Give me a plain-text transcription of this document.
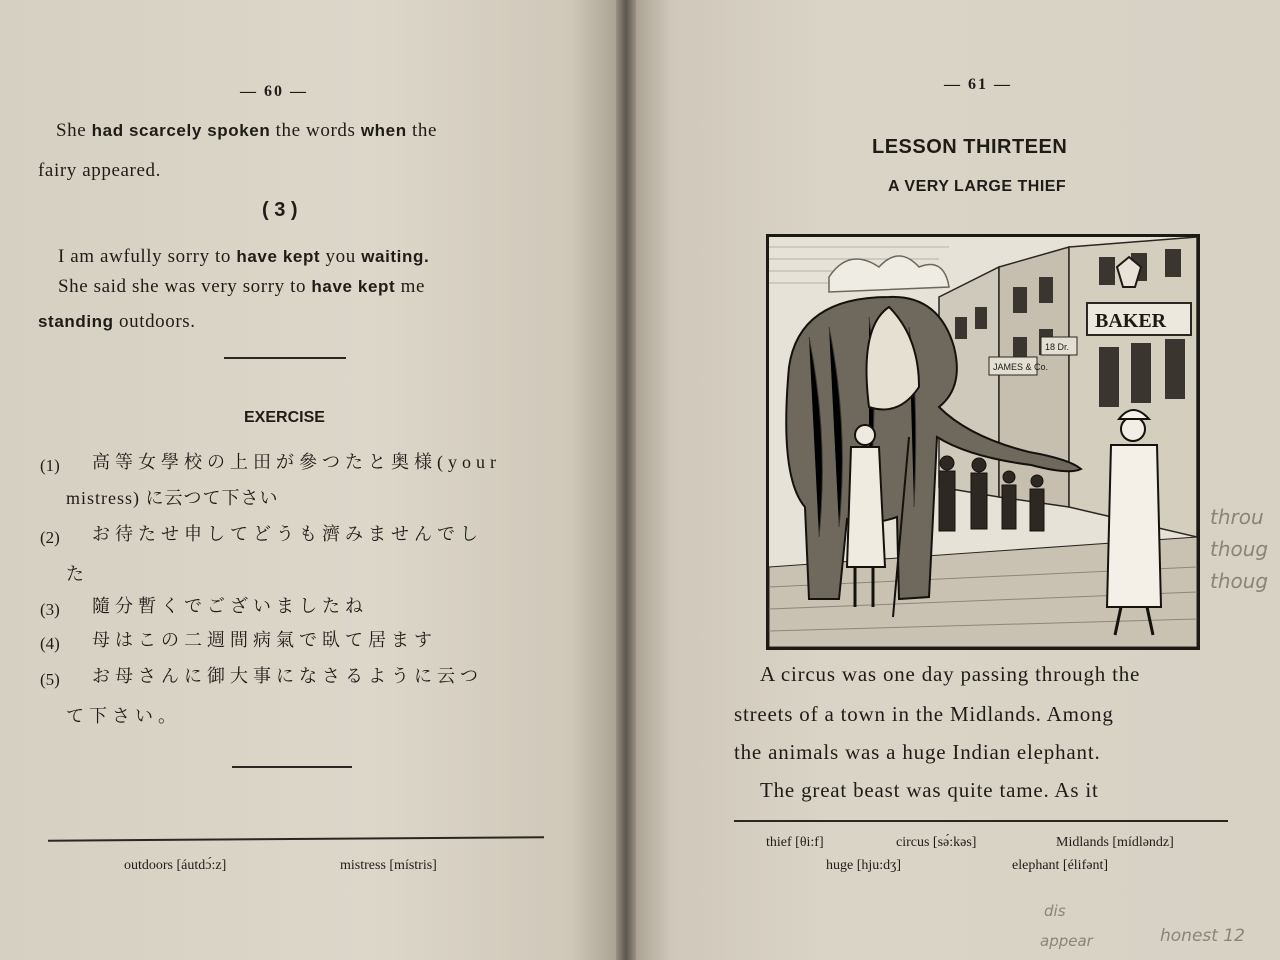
— 60 —
She had scarcely spoken the words when the
fairy appeared.
( 3 )
I am awfully sorry to have kept you waiting.
She said she was very sorry to have kept me
standing outdoors.
EXERCISE
(1) 高等女學校の上田が參つたと奥様(your
mistress) に云つて下さい
(2) お待たせ申してどうも濟みませんでし
た
(3) 隨分暫くでございましたね
(4) 母はこの二週間病氣で臥て居ます
(5) お母さんに御大事になさるように云つ
て下さい。
outdoors [áutdɔ́:z]	mistress [místris]
— 61 —
LESSON THIRTEEN
A VERY LARGE THIEF
JAMES & Co.
18 Dr.
BAKER
A circus was one day passing through the
streets of a town in the Midlands. Among
the animals was a huge Indian elephant.
The great beast was quite tame. As it
thief [θi:f]	circus [sə́:kəs]	Midlands [mídləndz]
huge [hju:dʒ]	elephant [élifənt]
throu
thoug
thoug
dis
appear	honest 12
